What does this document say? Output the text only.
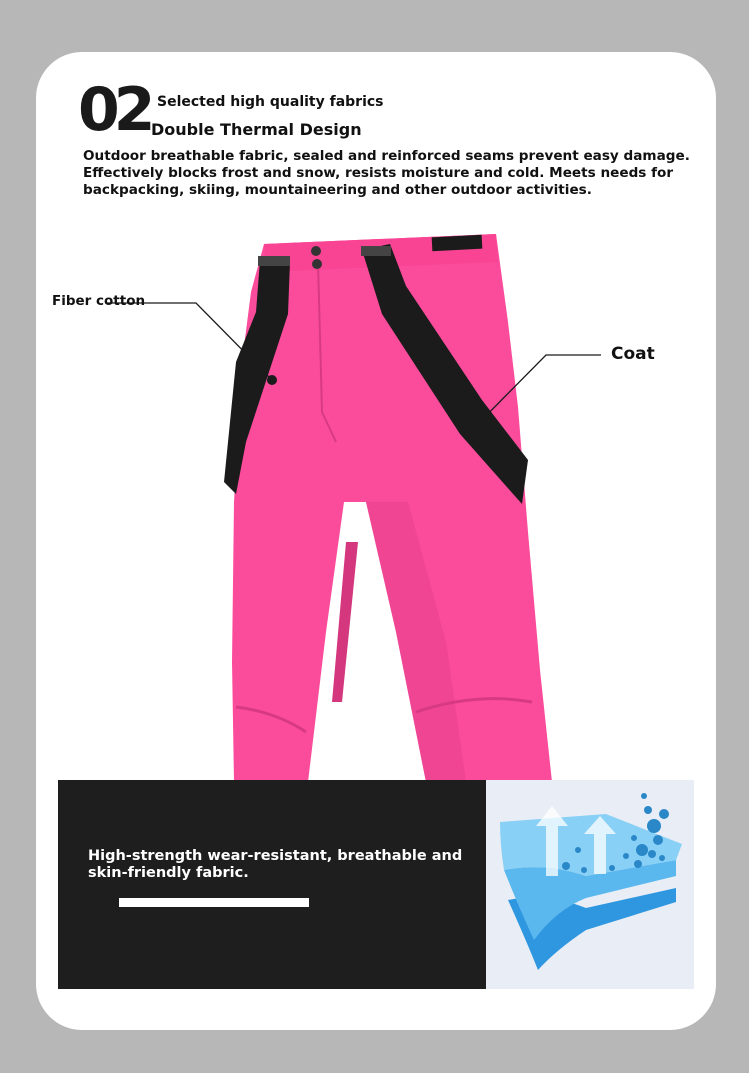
02 Selected high quality fabrics
Double Thermal Design
Outdoor breathable fabric, sealed and reinforced seams prevent easy damage. Effectively blocks frost and snow, resists moisture and cold. Meets needs for backpacking, skiing, mountaineering and other outdoor activities.
Fiber cotton
Coat
High-strength wear-resistant, breathable and skin-friendly fabric.
